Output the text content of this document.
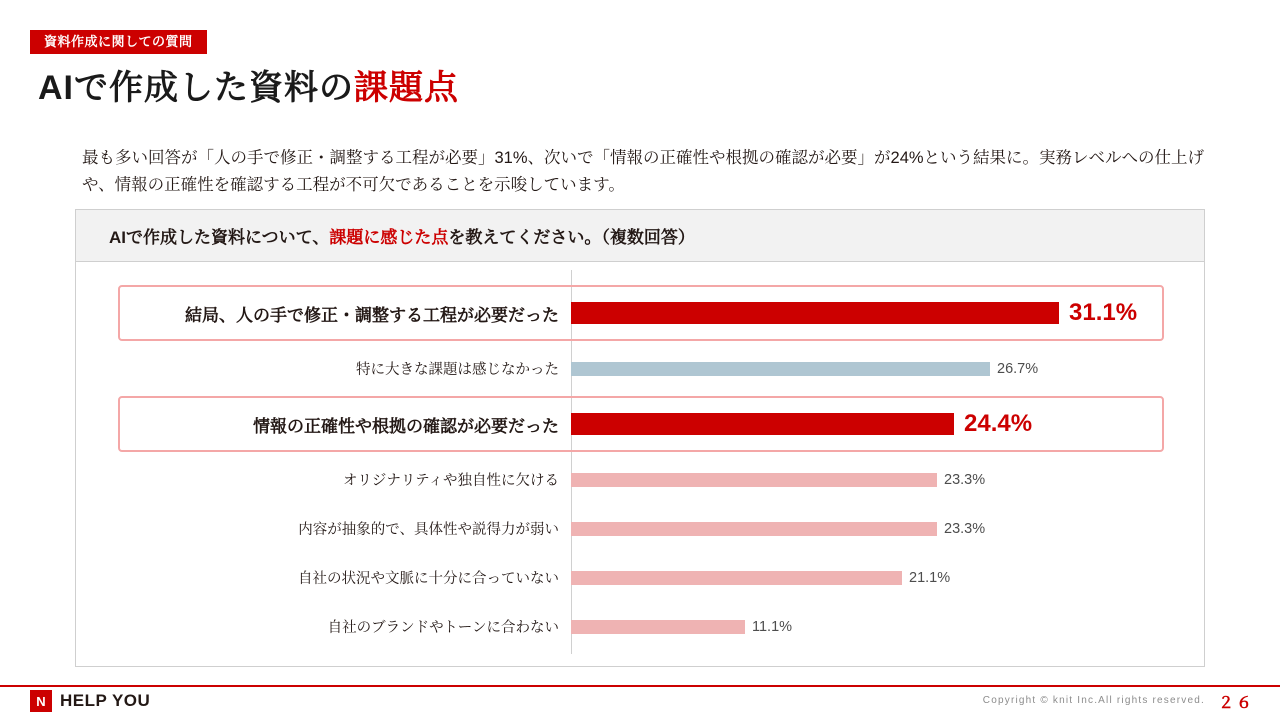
資料作成に関しての質問
AIで作成した資料の課題点
最も多い回答が「人の手で修正・調整する工程が必要」31%、次いで「情報の正確性や根拠の確認が必要」が24%という結果に。実務レベルへの仕上げや、情報の正確性を確認する工程が不可欠であることを示唆しています。
AIで作成した資料について、 課題に感じた点 を教えてください。（複数回答）
結局、人の手で修正・調整する工程が必要だった	31.1%
特に大きな課題は感じなかった	26.7%
情報の正確性や根拠の確認が必要だった	24.4%
オリジナリティや独自性に欠ける	23.3%
内容が抽象的で、具体性や説得力が弱い	23.3%
自社の状況や文脈に十分に合っていない	21.1%
自社のブランドやトーンに合わない	11.1%
N HELP YOU	Copyright © knit Inc.All rights reserved. ２６
